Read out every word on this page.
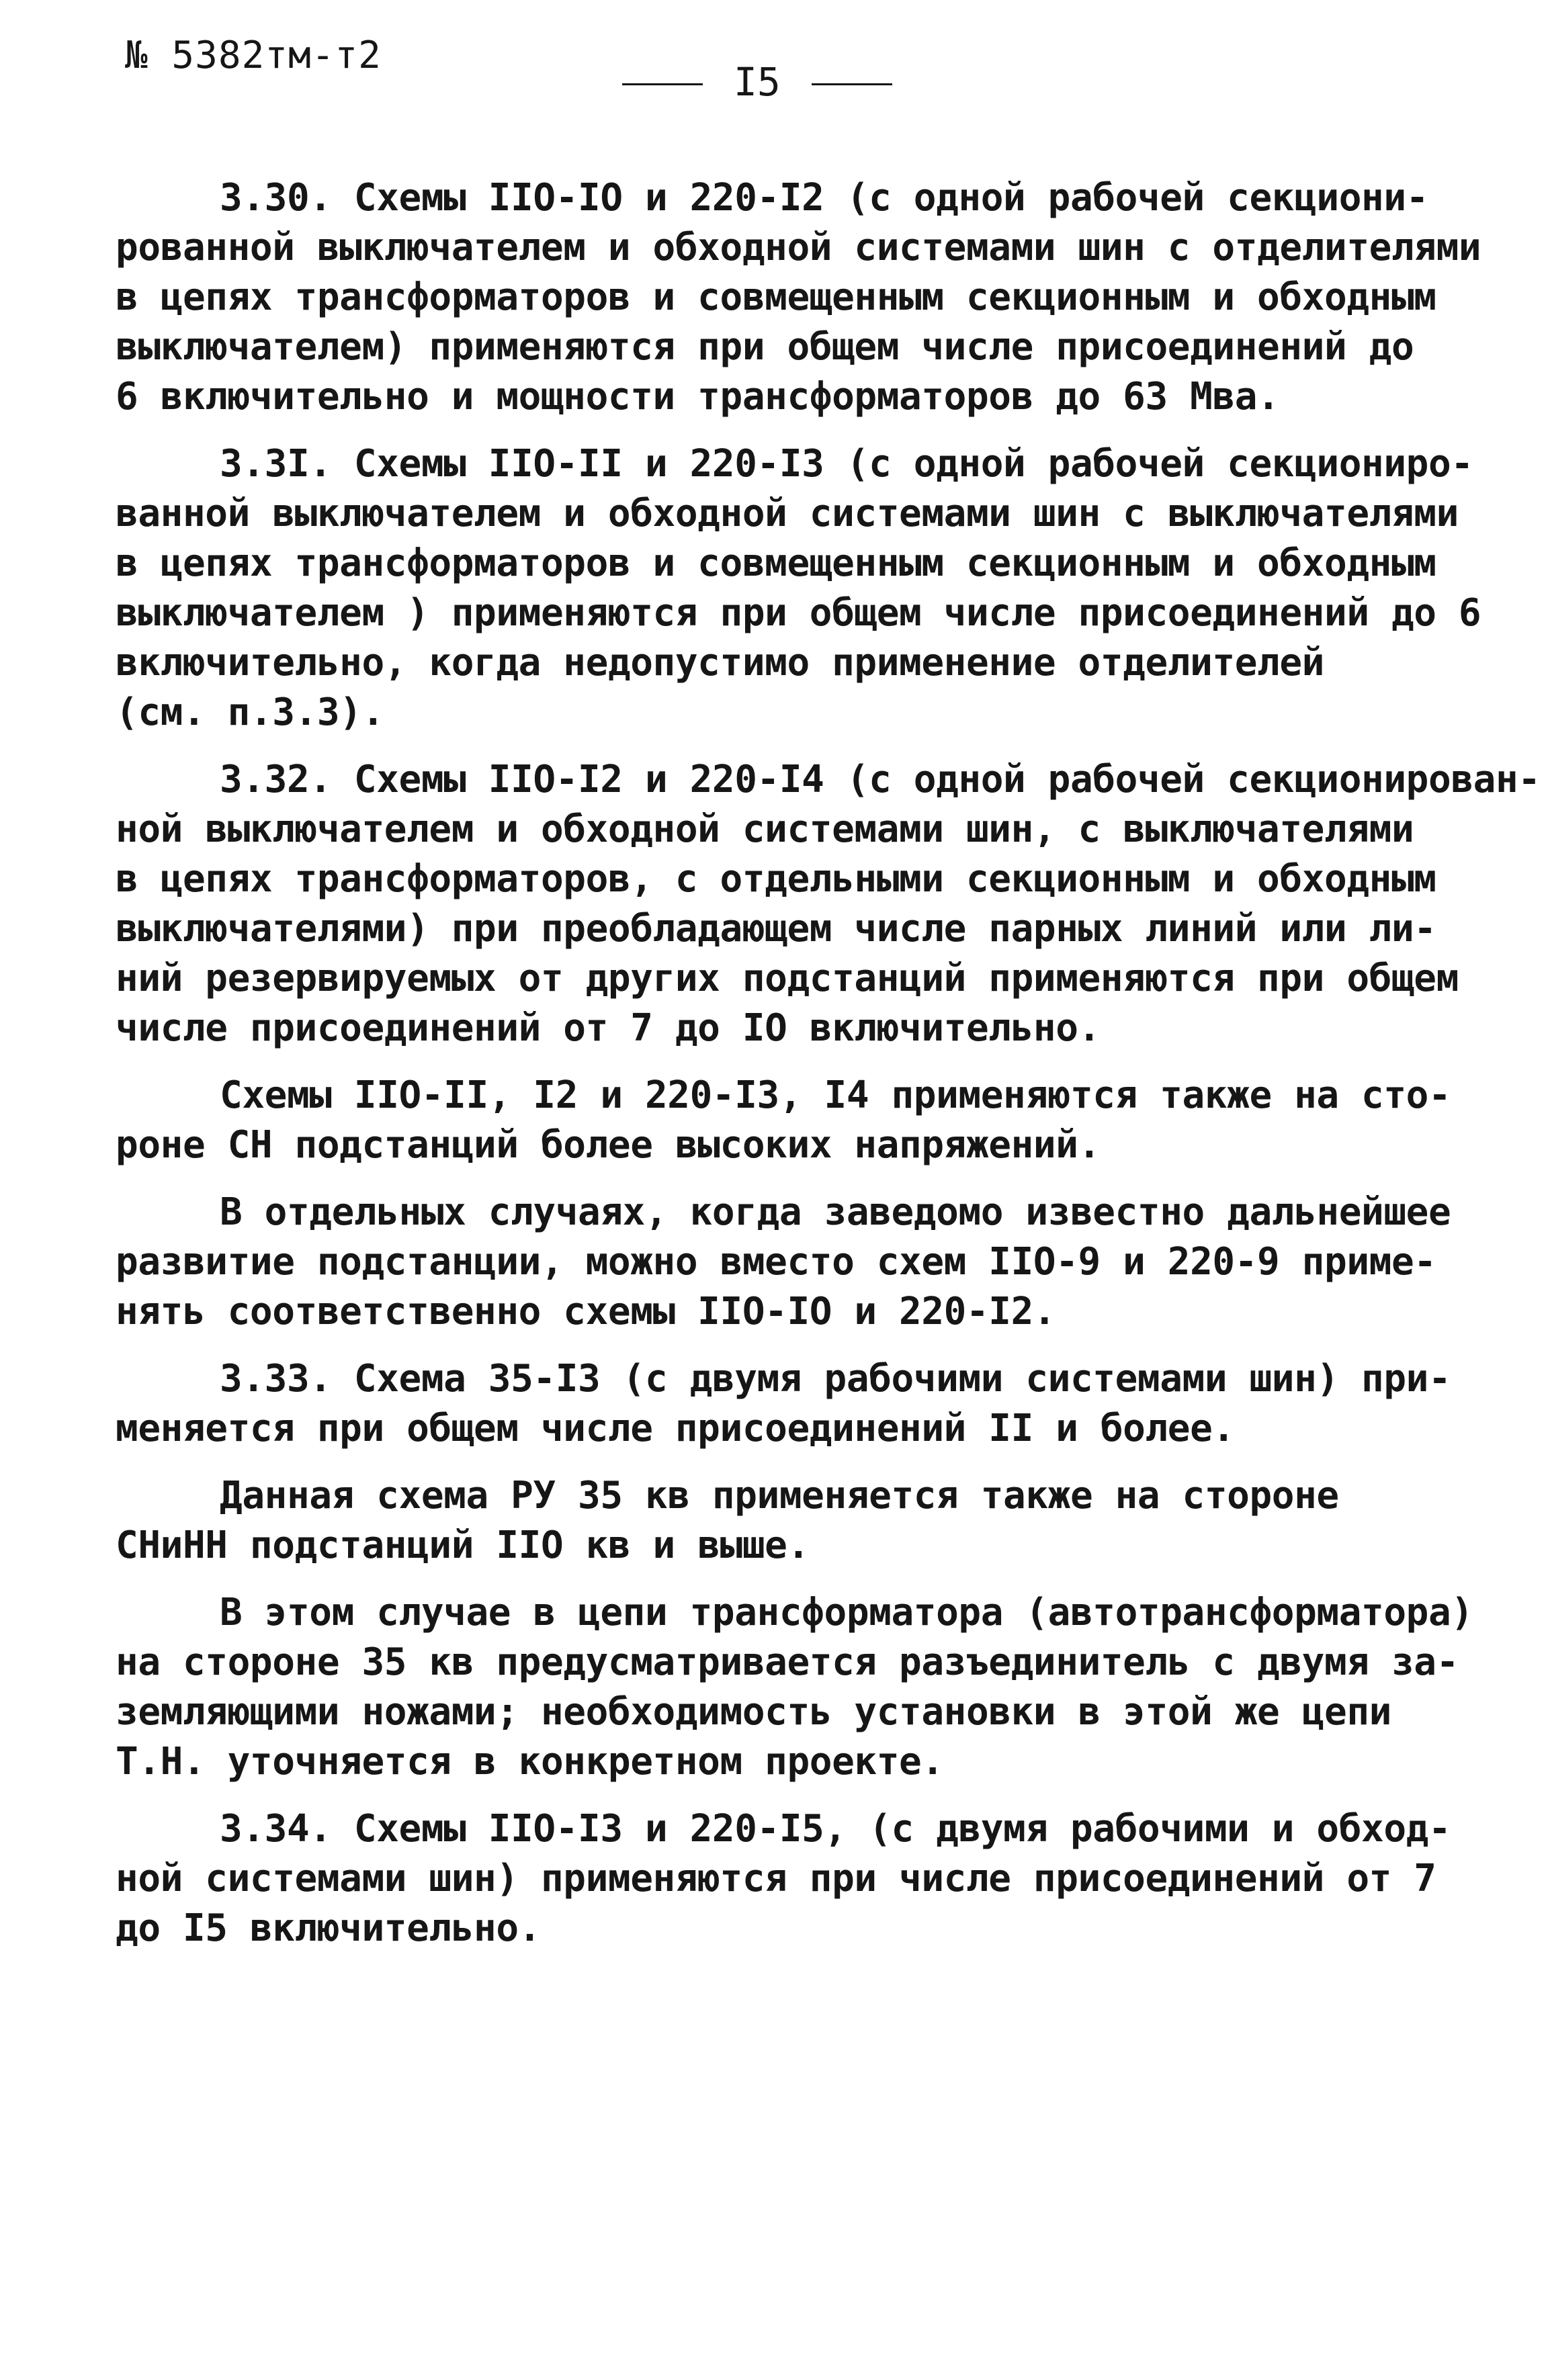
№ 5382тм-т2
I5

3.30. Схемы IIО-IО и 220-I2 (с одной рабочей секциони-
рованной выключателем и обходной системами шин с отделителями
в цепях трансформаторов и совмещенным секционным и обходным
выключателем) применяются при общем числе присоединений до
6 включительно и мощности трансформаторов до 63 Мва.

3.3I. Схемы IIО-II и 220-I3 (с одной рабочей секциониро-
ванной выключателем и обходной системами шин с выключателями
в цепях трансформаторов и совмещенным секционным и обходным
выключателем ) применяются при общем числе присоединений до 6
включительно, когда недопустимо применение отделителей
(см. п.3.3).

3.32. Схемы IIО-I2 и 220-I4 (с одной рабочей секционирован-
ной выключателем и обходной системами шин, с выключателями
в цепях трансформаторов, с отдельными секционным и обходным
выключателями) при преобладающем числе парных линий или ли-
ний резервируемых от других подстанций применяются при общем
числе присоединений от 7 до IО включительно.

Схемы IIО-II, I2 и 220-I3, I4 применяются также на сто-
роне СН подстанций более высоких напряжений.

В отдельных случаях, когда заведомо известно дальнейшее
развитие подстанции, можно вместо схем IIО-9 и 220-9 приме-
нять соответственно схемы IIО-IО и 220-I2.

3.33. Схема 35-I3 (с двумя рабочими системами шин) при-
меняется при общем числе присоединений II и более.

Данная схема РУ 35 кв применяется также на стороне
СНиНН подстанций IIО кв и выше.

В этом случае в цепи трансформатора (автотрансформатора)
на стороне 35 кв предусматривается разъединитель с двумя за-
земляющими ножами; необходимость установки в этой же цепи
Т.Н. уточняется в конкретном проекте.

3.34. Схемы IIО-I3 и 220-I5, (с двумя рабочими и обход-
ной системами шин) применяются при числе присоединений от 7
до I5 включительно.
